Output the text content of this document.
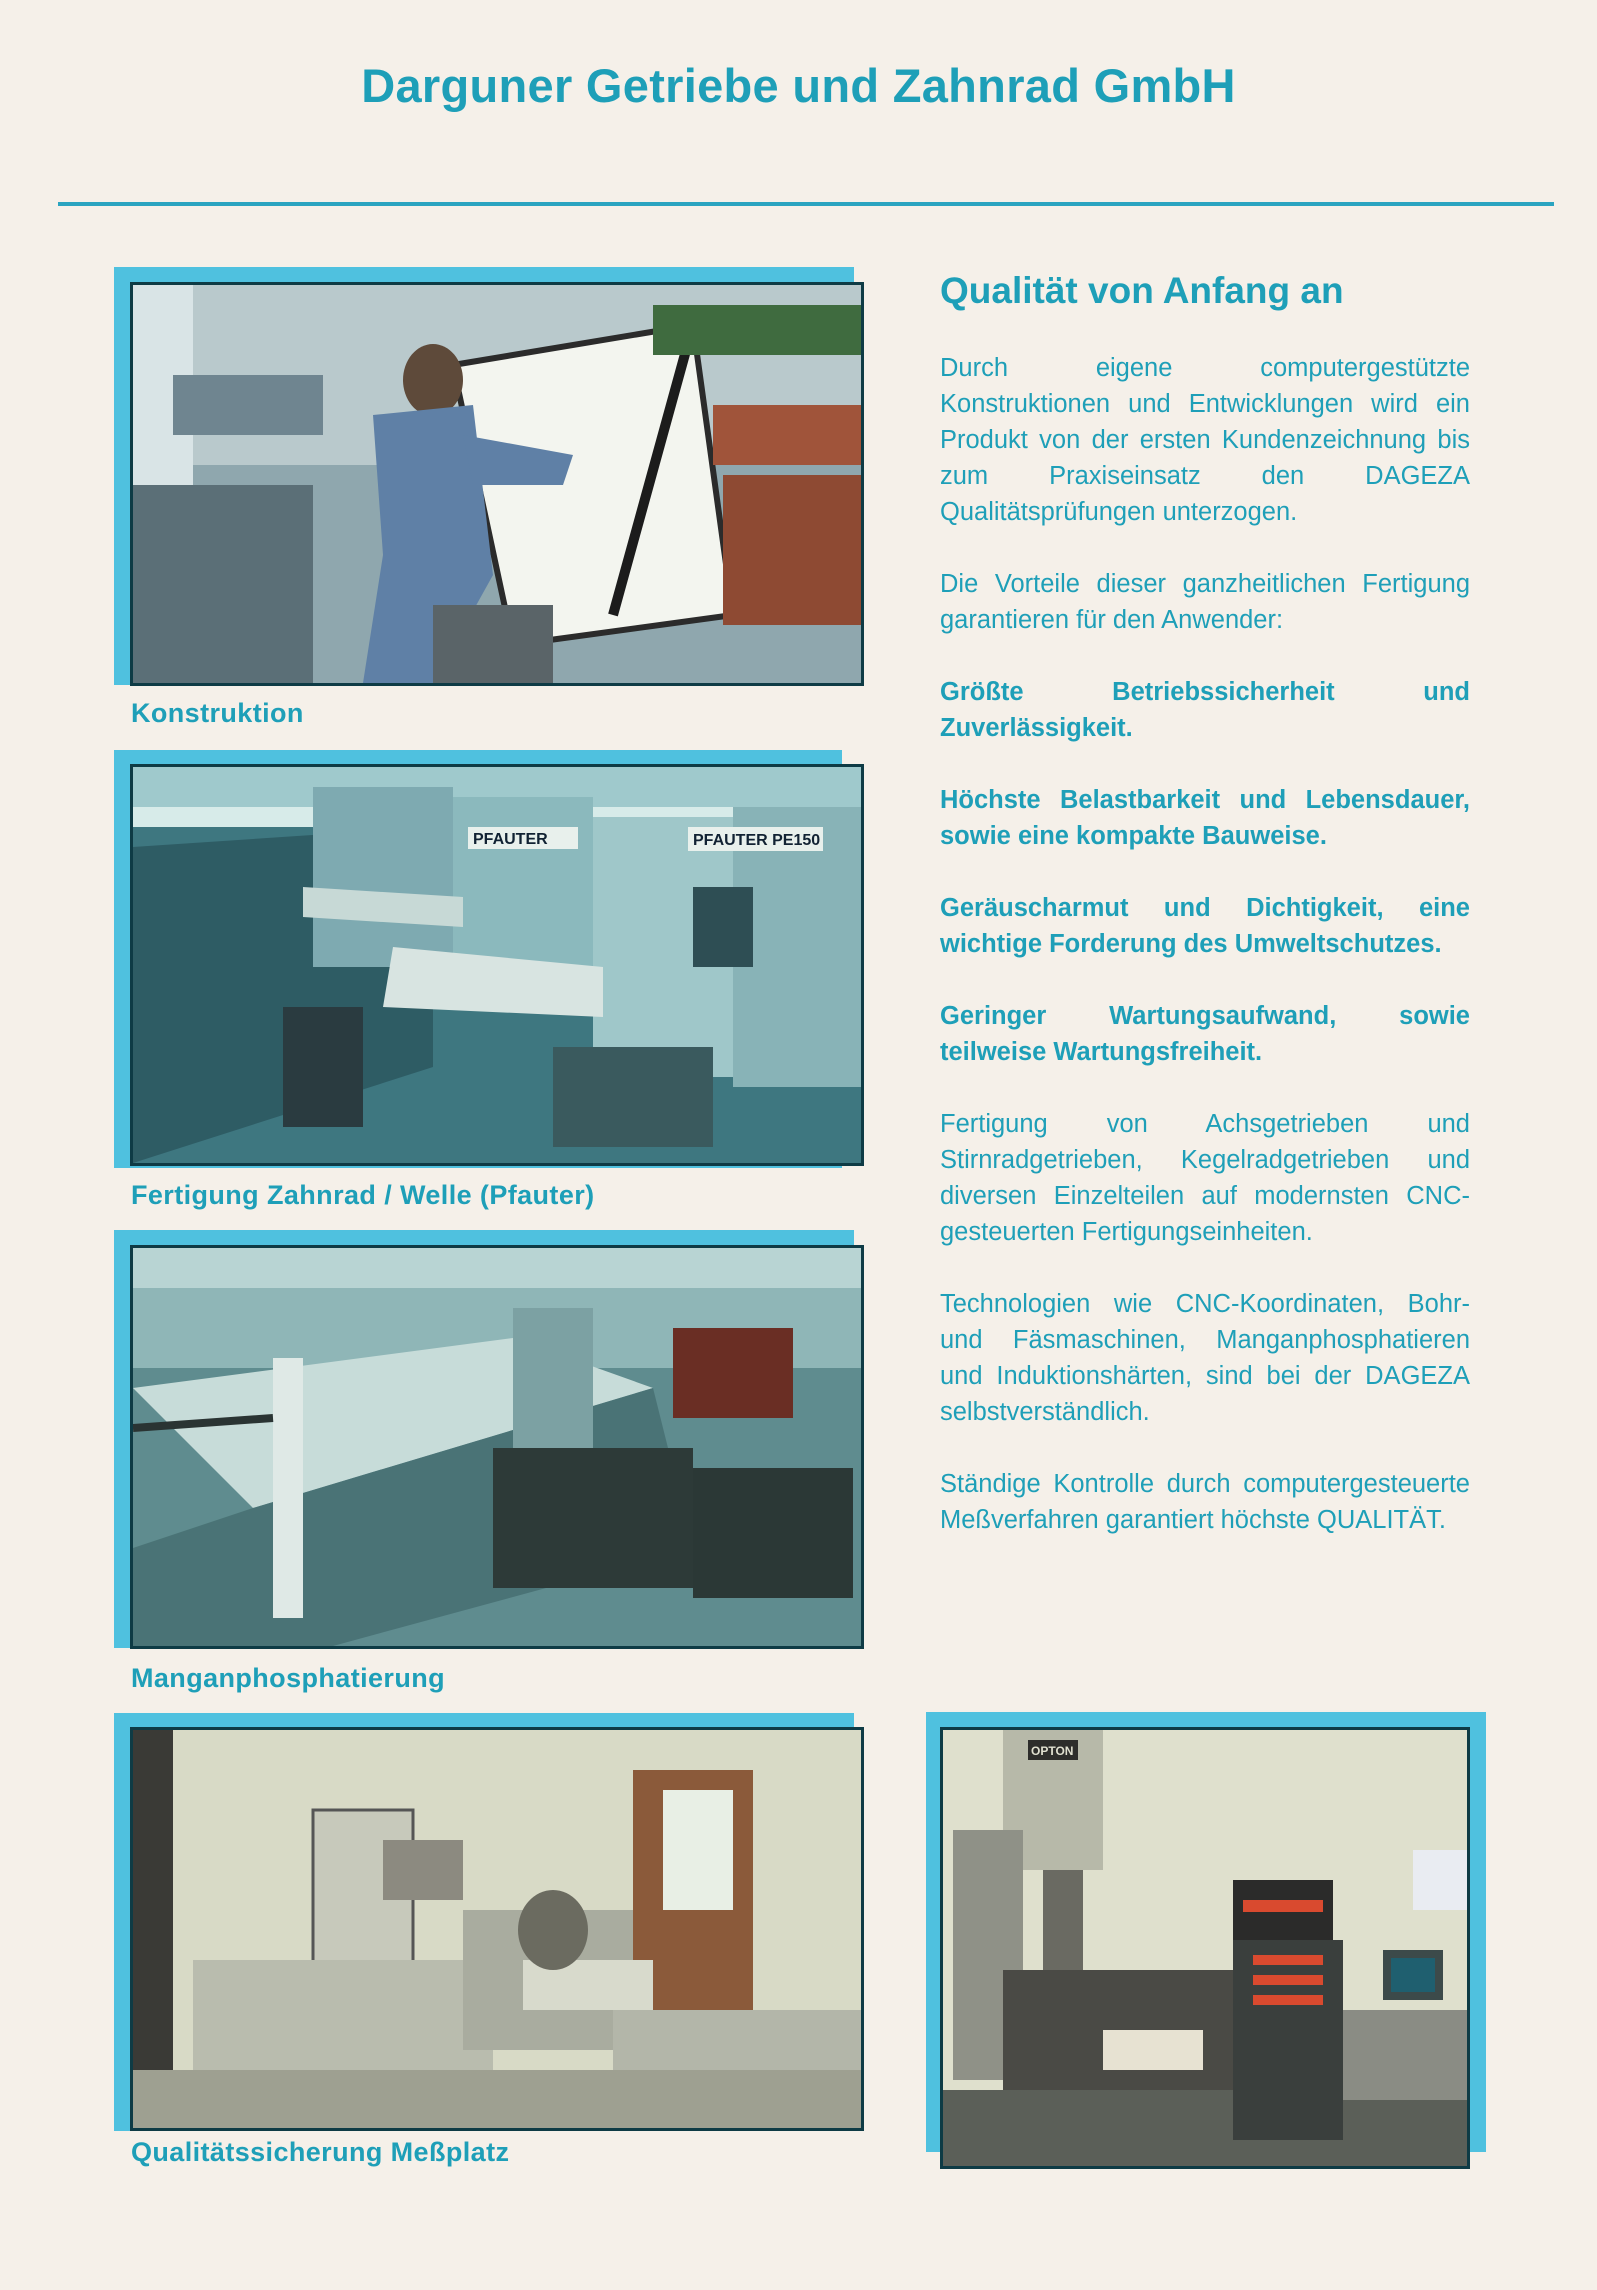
Darguner Getriebe und Zahnrad GmbH
Konstruktion
PFAUTER	PFAUTER PE150
Fertigung Zahnrad / Welle (Pfauter)
Manganphosphatierung
Qualitätssicherung Meßplatz
OPTON
Qualität von Anfang an

Durch eigene computergestützte Konstruktionen und Entwicklungen wird ein Produkt von der ersten Kundenzeichnung bis zum Praxiseinsatz den DAGEZA Qualitätsprüfungen unterzogen.

Die Vorteile dieser ganzheitlichen Fertigung garantieren für den Anwender:

Größte Betriebssicherheit und Zuverlässigkeit.

Höchste Belastbarkeit und Lebensdauer, sowie eine kompakte Bauweise.

Geräuscharmut und Dichtigkeit, eine wichtige Forderung des Umweltschutzes.

Geringer Wartungsaufwand, sowie teilweise Wartungsfreiheit.

Fertigung von Achsgetrieben und Stirnradgetrieben, Kegelradgetrieben und diversen Einzelteilen auf modernsten CNC-gesteuerten Fertigungseinheiten.

Technologien wie CNC-Koordinaten, Bohr- und Fäsmaschinen, Manganphosphatieren und Induktionshärten, sind bei der DAGEZA selbstverständlich.

Ständige Kontrolle durch computergesteuerte Meßverfahren garantiert höchste QUALITÄT.
